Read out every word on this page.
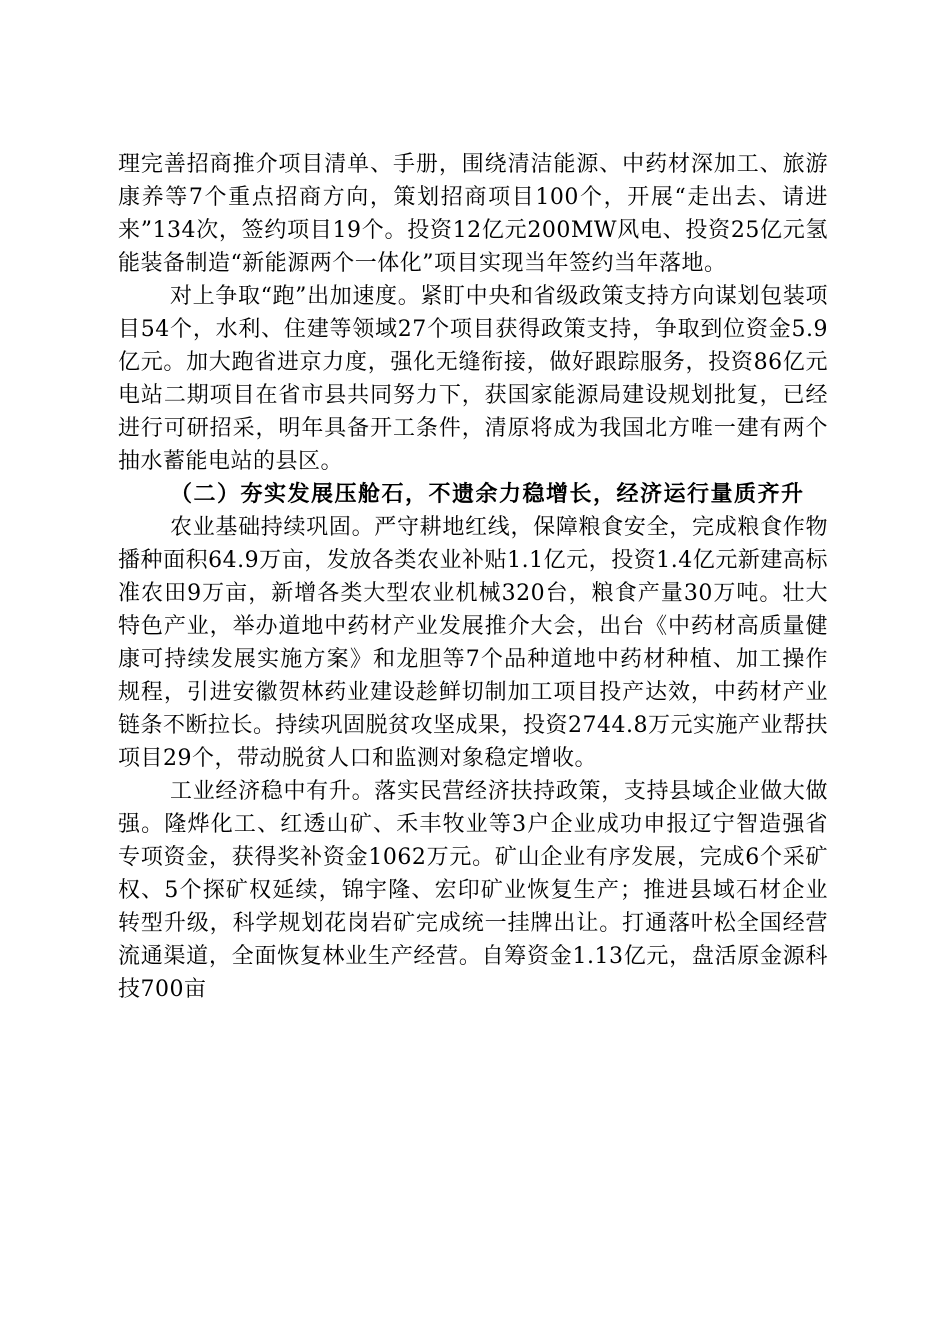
理完善招商推介项目清单、手册，围绕清洁能源、中药材深加工、旅游康养等7个重点招商方向，策划招商项目100个，开展“走出去、请进来”134次，签约项目19个。投资12亿元200MW风电、投资25亿元氢能装备制造“新能源两个一体化”项目实现当年签约当年落地。

对上争取“跑”出加速度。紧盯中央和省级政策支持方向谋划包装项目54个，水利、住建等领域27个项目获得政策支持，争取到位资金5.9亿元。加大跑省进京力度，强化无缝衔接，做好跟踪服务，投资86亿元电站二期项目在省市县共同努力下，获国家能源局建设规划批复，已经进行可研招采，明年具备开工条件，清原将成为我国北方唯一建有两个抽水蓄能电站的县区。

（二）夯实发展压舱石，不遗余力稳增长，经济运行量质齐升

农业基础持续巩固。严守耕地红线，保障粮食安全，完成粮食作物播种面积64.9万亩，发放各类农业补贴1.1亿元，投资1.4亿元新建高标准农田9万亩，新增各类大型农业机械320台，粮食产量30万吨。壮大特色产业，举办道地中药材产业发展推介大会，出台《中药材高质量健康可持续发展实施方案》和龙胆等7个品种道地中药材种植、加工操作规程，引进安徽贺林药业建设趁鲜切制加工项目投产达效，中药材产业链条不断拉长。持续巩固脱贫攻坚成果，投资2744.8万元实施产业帮扶项目29个，带动脱贫人口和监测对象稳定增收。

工业经济稳中有升。落实民营经济扶持政策，支持县域企业做大做强。隆烨化工、红透山矿、禾丰牧业等3户企业成功申报辽宁智造强省专项资金，获得奖补资金1062万元。矿山企业有序发展，完成6个采矿权、5个探矿权延续，锦宇隆、宏印矿业恢复生产；推进县域石材企业转型升级，科学规划花岗岩矿完成统一挂牌出让。打通落叶松全国经营流通渠道，全面恢复林业生产经营。自筹资金1.13亿元，盘活原金源科技700亩
